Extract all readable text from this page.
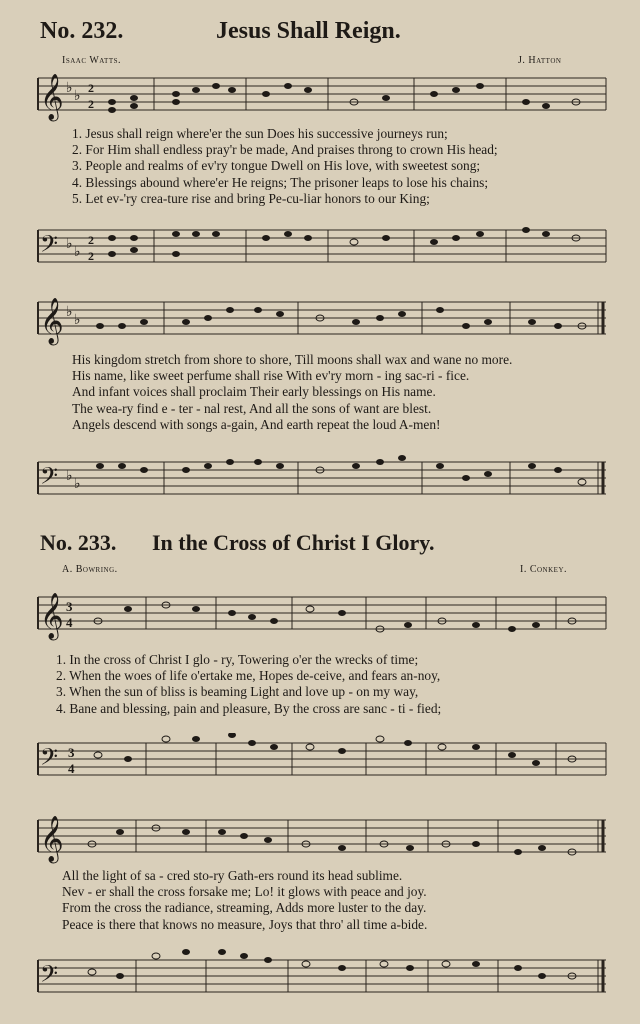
No. 232.	Jesus Shall Reign.
Isaac Watts.	J. Hatton
𝄞 ♭
♭
2
2
1. Jesus shall reign where'er the sun Does his successive journeys run;
2. For Him shall endless pray'r be made, And praises throng to crown His head;
3. People and realms of ev'ry tongue Dwell on His love, with sweetest song;
4. Blessings abound where'er He reigns; The prisoner leaps to lose his chains;
5. Let ev-'ry crea-ture rise and bring Pe-cu-liar honors to our King;
𝄢 ♭
♭
2
2
𝄞 ♭
♭
His kingdom stretch from shore to shore, Till moons shall wax and wane no more.
His name, like sweet perfume shall rise With ev'ry morn - ing sac-ri - fice.
And infant voices shall proclaim Their early blessings on His name.
The wea-ry find e - ter - nal rest, And all the sons of want are blest.
Angels descend with songs a-gain, And earth repeat the loud A-men!
𝄢 ♭
♭
No. 233. In the Cross of Christ I Glory.
A. Bowring.	I. Conkey.
𝄞 3
4
1. In the cross of Christ I glo - ry, Towering o'er the wrecks of time;
2. When the woes of life o'ertake me, Hopes de-ceive, and fears an-noy,
3. When the sun of bliss is beaming Light and love up - on my way,
4. Bane and blessing, pain and pleasure, By the cross are sanc - ti - fied;
𝄢 3
4
𝄞
All the light of sa - cred sto-ry Gath-ers round its head sublime.
Nev - er shall the cross forsake me; Lo! it glows with peace and joy.
From the cross the radiance, streaming, Adds more luster to the day.
Peace is there that knows no measure, Joys that thro' all time a-bide.
𝄢
